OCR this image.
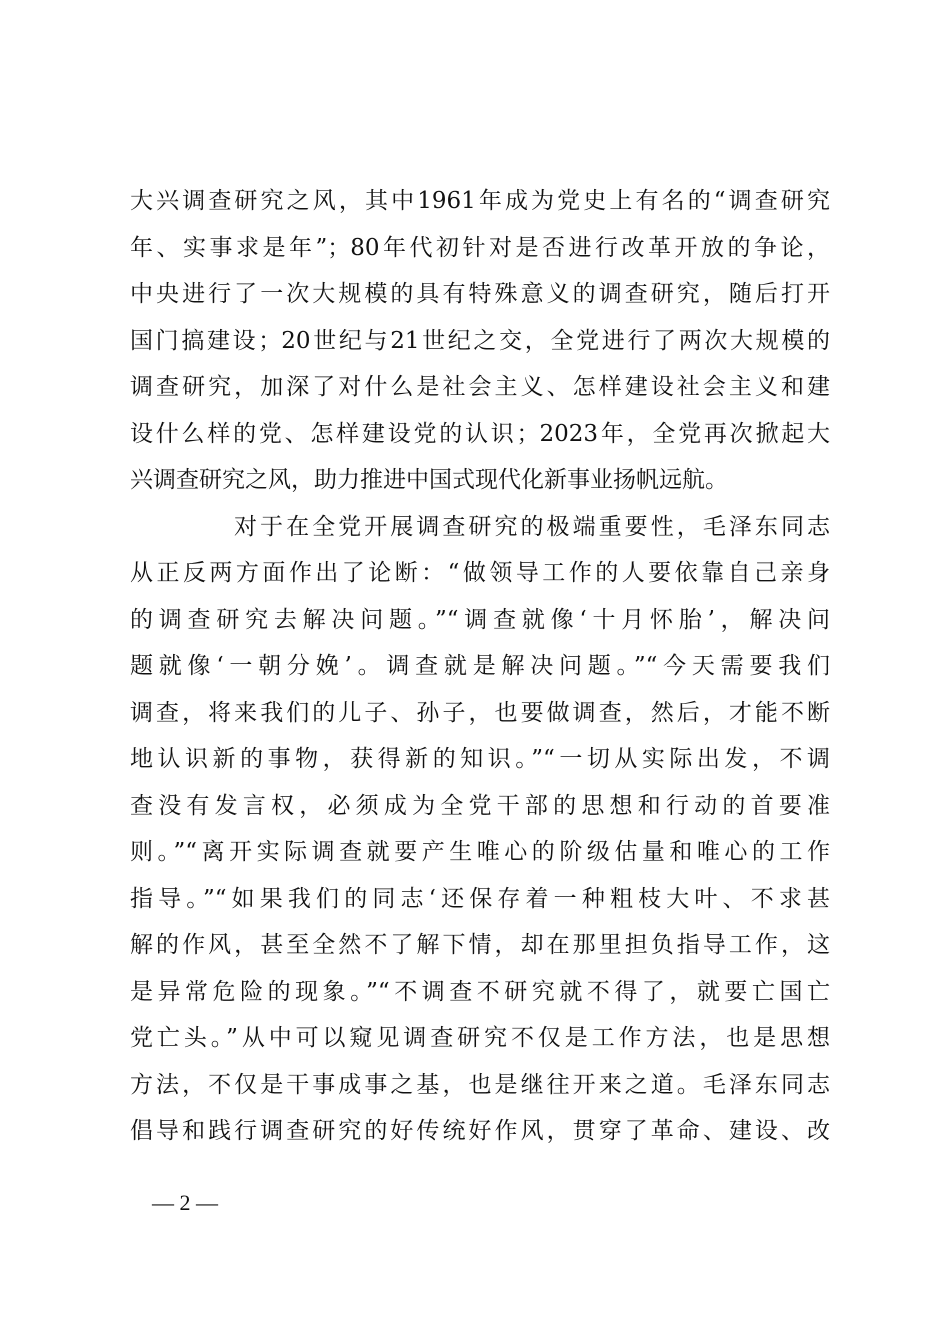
大兴调查研究之风，其中1961年成为党史上有名的“调查研究
年、实事求是年”；80年代初针对是否进行改革开放的争论，
中央进行了一次大规模的具有特殊意义的调查研究，随后打开
国门搞建设；20世纪与21世纪之交，全党进行了两次大规模的
调查研究，加深了对什么是社会主义、怎样建设社会主义和建
设什么样的党、怎样建设党的认识；2023年，全党再次掀起大
兴调查研究之风，助力推进中国式现代化新事业扬帆远航。
对于在全党开展调查研究的极端重要性，毛泽东同志
从正反两方面作出了论断：“做领导工作的人要依靠自己亲身
的调查研究去解决问题。”“调查就像‘十月怀胎’，解决问
题就像‘一朝分娩’。调查就是解决问题。”“今天需要我们
调查，将来我们的儿子、孙子，也要做调查，然后，才能不断
地认识新的事物，获得新的知识。”“一切从实际出发，不调
查没有发言权，必须成为全党干部的思想和行动的首要准
则。”“离开实际调查就要产生唯心的阶级估量和唯心的工作
指导。”“如果我们的同志‘还保存着一种粗枝大叶、不求甚
解的作风，甚至全然不了解下情，却在那里担负指导工作，这
是异常危险的现象。”“不调查不研究就不得了，就要亡国亡
党亡头。”从中可以窥见调查研究不仅是工作方法，也是思想
方法，不仅是干事成事之基，也是继往开来之道。毛泽东同志
倡导和践行调查研究的好传统好作风，贯穿了革命、建设、改
— 2 —
